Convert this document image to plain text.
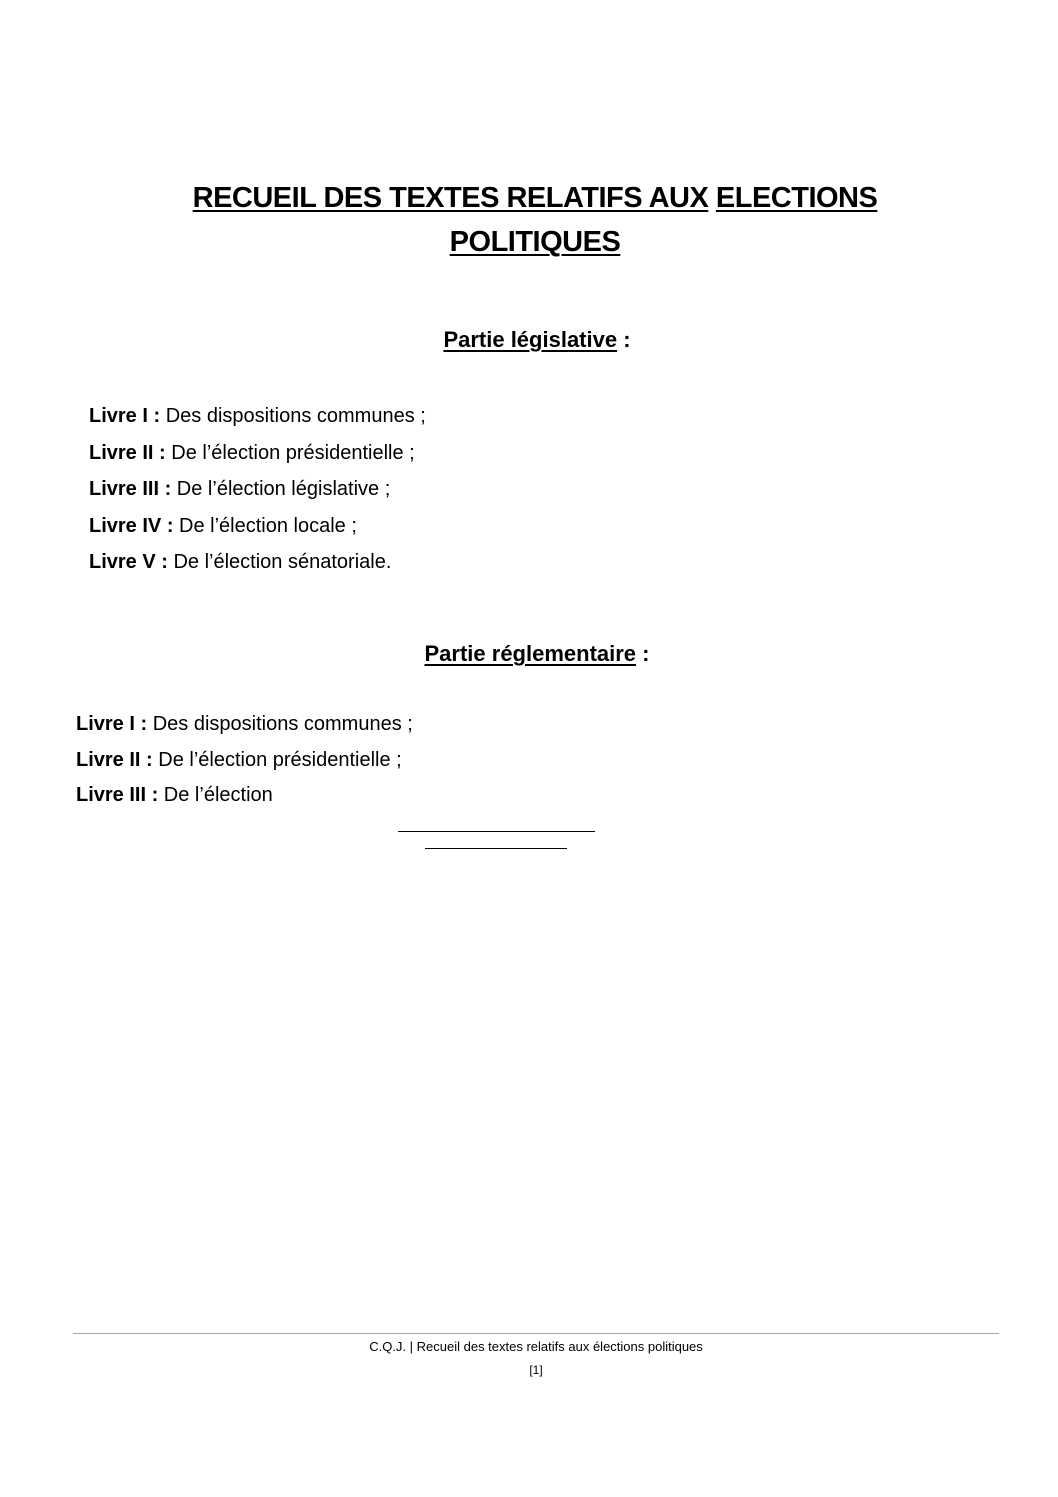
RECUEIL DES TEXTES RELATIFS AUX ELECTIONS
POLITIQUES
Partie législative :
Livre I : Des dispositions communes ;
Livre II : De l’élection présidentielle ;
Livre III : De l’élection législative ;
Livre IV : De l’élection locale ;
Livre V : De l’élection sénatoriale.
Partie réglementaire :
Livre I : Des dispositions communes ;
Livre II : De l’élection présidentielle ;
Livre III : De l’élection
C.Q.J. | Recueil des textes relatifs aux élections politiques
[1]
